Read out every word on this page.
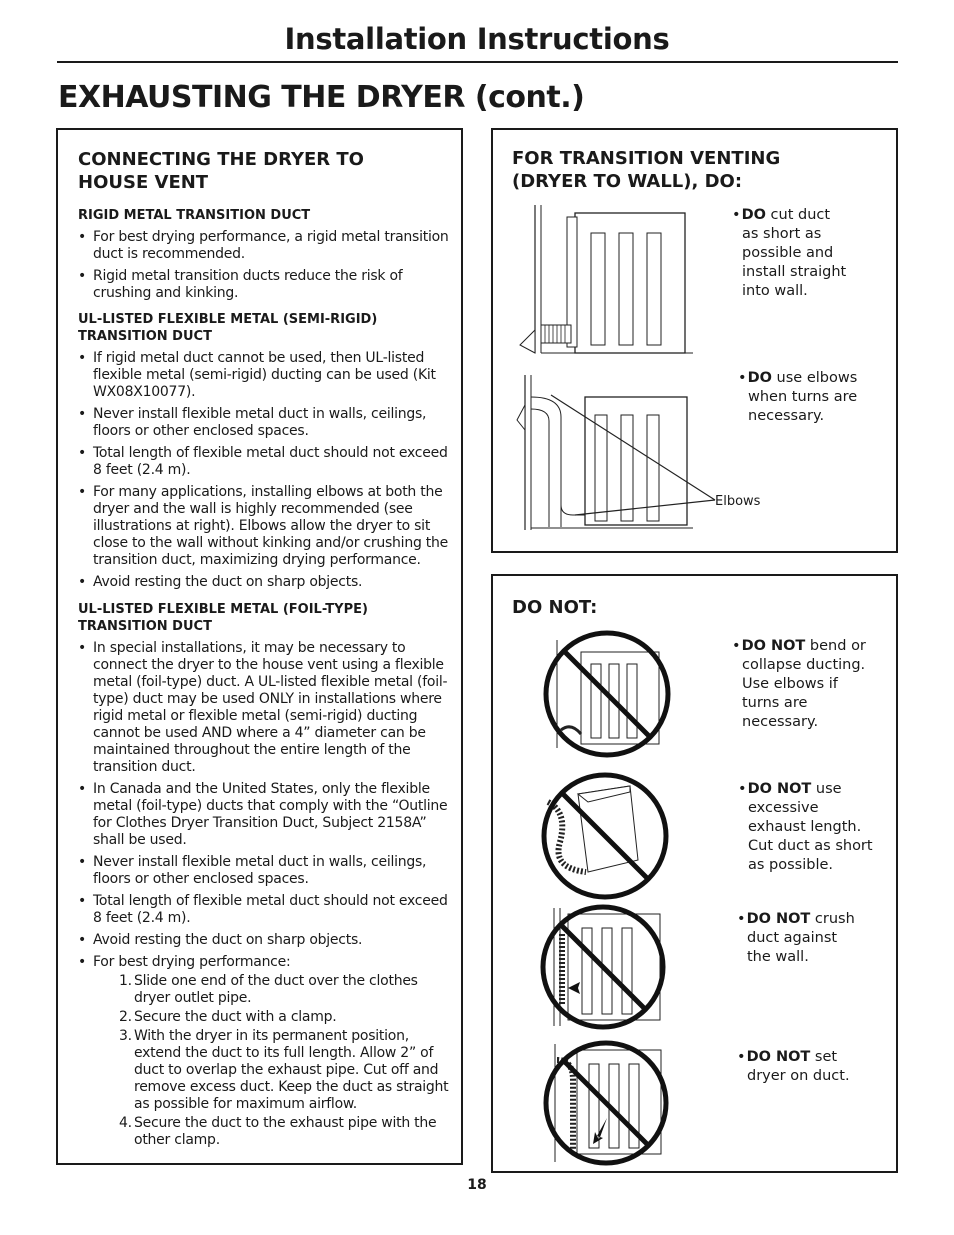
Installation Instructions
EXHAUSTING THE DRYER (cont.)
CONNECTING THE DRYER TO
HOUSE VENT

RIGID METAL TRANSITION DUCT

• For best drying performance, a rigid metal transition duct is recommended.
• Rigid metal transition ducts reduce the risk of crushing and kinking.

UL-LISTED FLEXIBLE METAL (SEMI-RIGID)

TRANSITION DUCT

• If rigid metal duct cannot be used, then UL-listed flexible metal (semi-rigid) ducting can be used (Kit WX08X10077).
• Never install flexible metal duct in walls, ceilings, floors or other enclosed spaces.
• Total length of flexible metal duct should not exceed 8 feet (2.4 m).
• For many applications, installing elbows at both the dryer and the wall is highly recommended (see illustrations at right). Elbows allow the dryer to sit close to the wall without kinking and/or crushing the transition duct, maximizing drying performance.
• Avoid resting the duct on sharp objects.

UL-LISTED FLEXIBLE METAL (FOIL-TYPE)

TRANSITION DUCT

• In special installations, it may be necessary to connect the dryer to the house vent using a flexible metal (foil-type) duct. A UL-listed flexible metal (foil-type) duct may be used ONLY in installations where rigid metal or flexible metal (semi-rigid) ducting cannot be used AND where a 4” diameter can be maintained throughout the entire length of the transition duct.
• In Canada and the United States, only the flexible metal (foil-type) ducts that comply with the “Outline for Clothes Dryer Transition Duct, Subject 2158A” shall be used.
• Never install flexible metal duct in walls, ceilings, floors or other enclosed spaces.
• Total length of flexible metal duct should not exceed 8 feet (2.4 m).
• Avoid resting the duct on sharp objects.
• For best drying performance:
1. Slide one end of the duct over the clothes dryer outlet pipe.
2. Secure the duct with a clamp.
3. With the dryer in its permanent position, extend the duct to its full length. Allow 2” of duct to overlap the exhaust pipe. Cut off and remove excess duct. Keep the duct as straight as possible for maximum airflow.
4. Secure the duct to the exhaust pipe with the other clamp.
FOR TRANSITION VENTING
(DRYER TO WALL), DO:
•DO cut duct
as short as
possible and
install straight
into wall.
Elbows
•DO use elbows
when turns are
necessary.
DO NOT:
•DO NOT bend or
collapse ducting.
Use elbows if
turns are
necessary.
•DO NOT use
excessive
exhaust length.
Cut duct as short
as possible.
•DO NOT crush
duct against
the wall.
•DO NOT set
dryer on duct.
18
